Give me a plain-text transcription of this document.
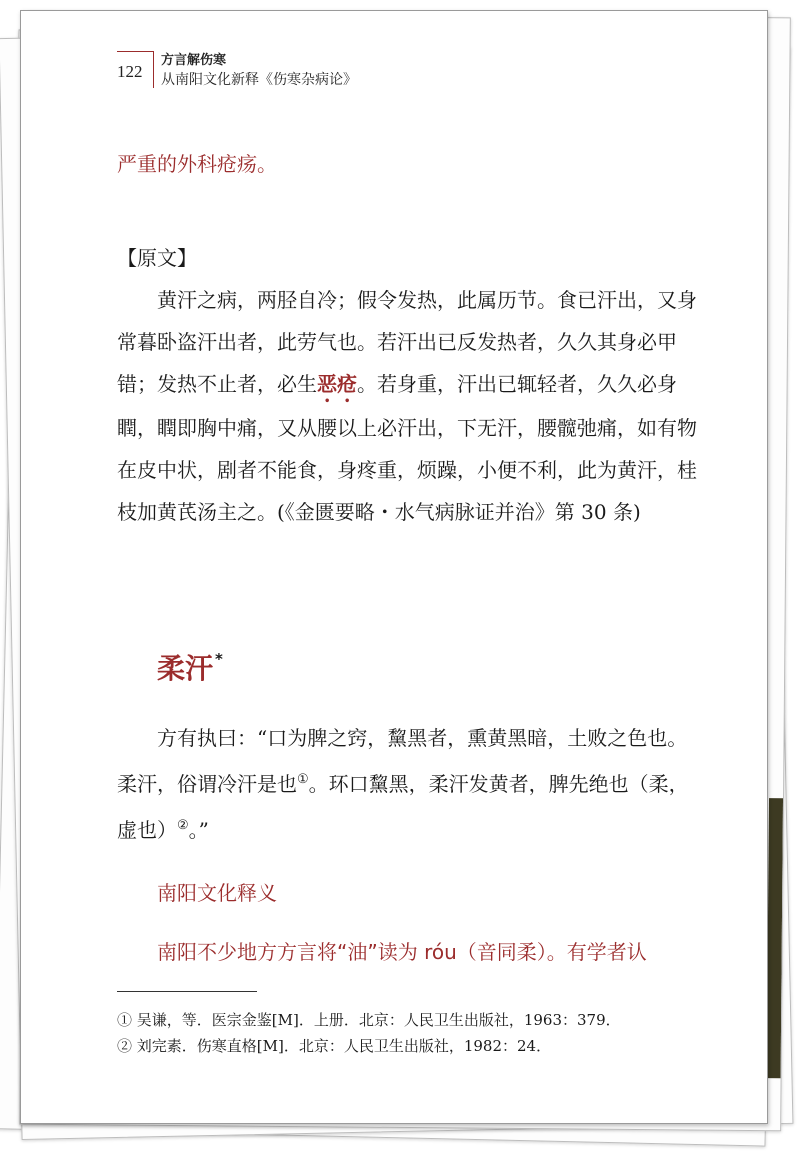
122
方言解伤寒
从南阳文化新释《伤寒杂病论》
严重的外科疮疡。

【原文】

黄汗之病，两胫自冷；假令发热，此属历节。食已汗出，又身常暮卧盗汗出者，此劳气也。若汗出已反发热者，久久其身必甲错；发热不止者，必生恶疮。若身重，汗出已辄轻者，久久必身瞤，瞤即胸中痛，又从腰以上必汗出，下无汗，腰髋弛痛，如有物在皮中状，剧者不能食，身疼重，烦躁，小便不利，此为黄汗，桂枝加黄芪汤主之。(《金匮要略・水气病脉证并治》第 30 条)

柔汗 *

方有执曰：“口为脾之窍，黧黑者，熏黄黑暗，土败之色也。柔汗，俗谓冷汗是也①。环口黧黑，柔汗发黄者，脾先绝也（柔，虚也）②。”

南阳文化释义
南阳不少地方方言将“油”读为 róu（音同柔）。有学者认
① 吴谦，等．医宗金鉴[M]．上册．北京：人民卫生出版社，1963：379．
② 刘完素．伤寒直格[M]．北京：人民卫生出版社，1982：24．
